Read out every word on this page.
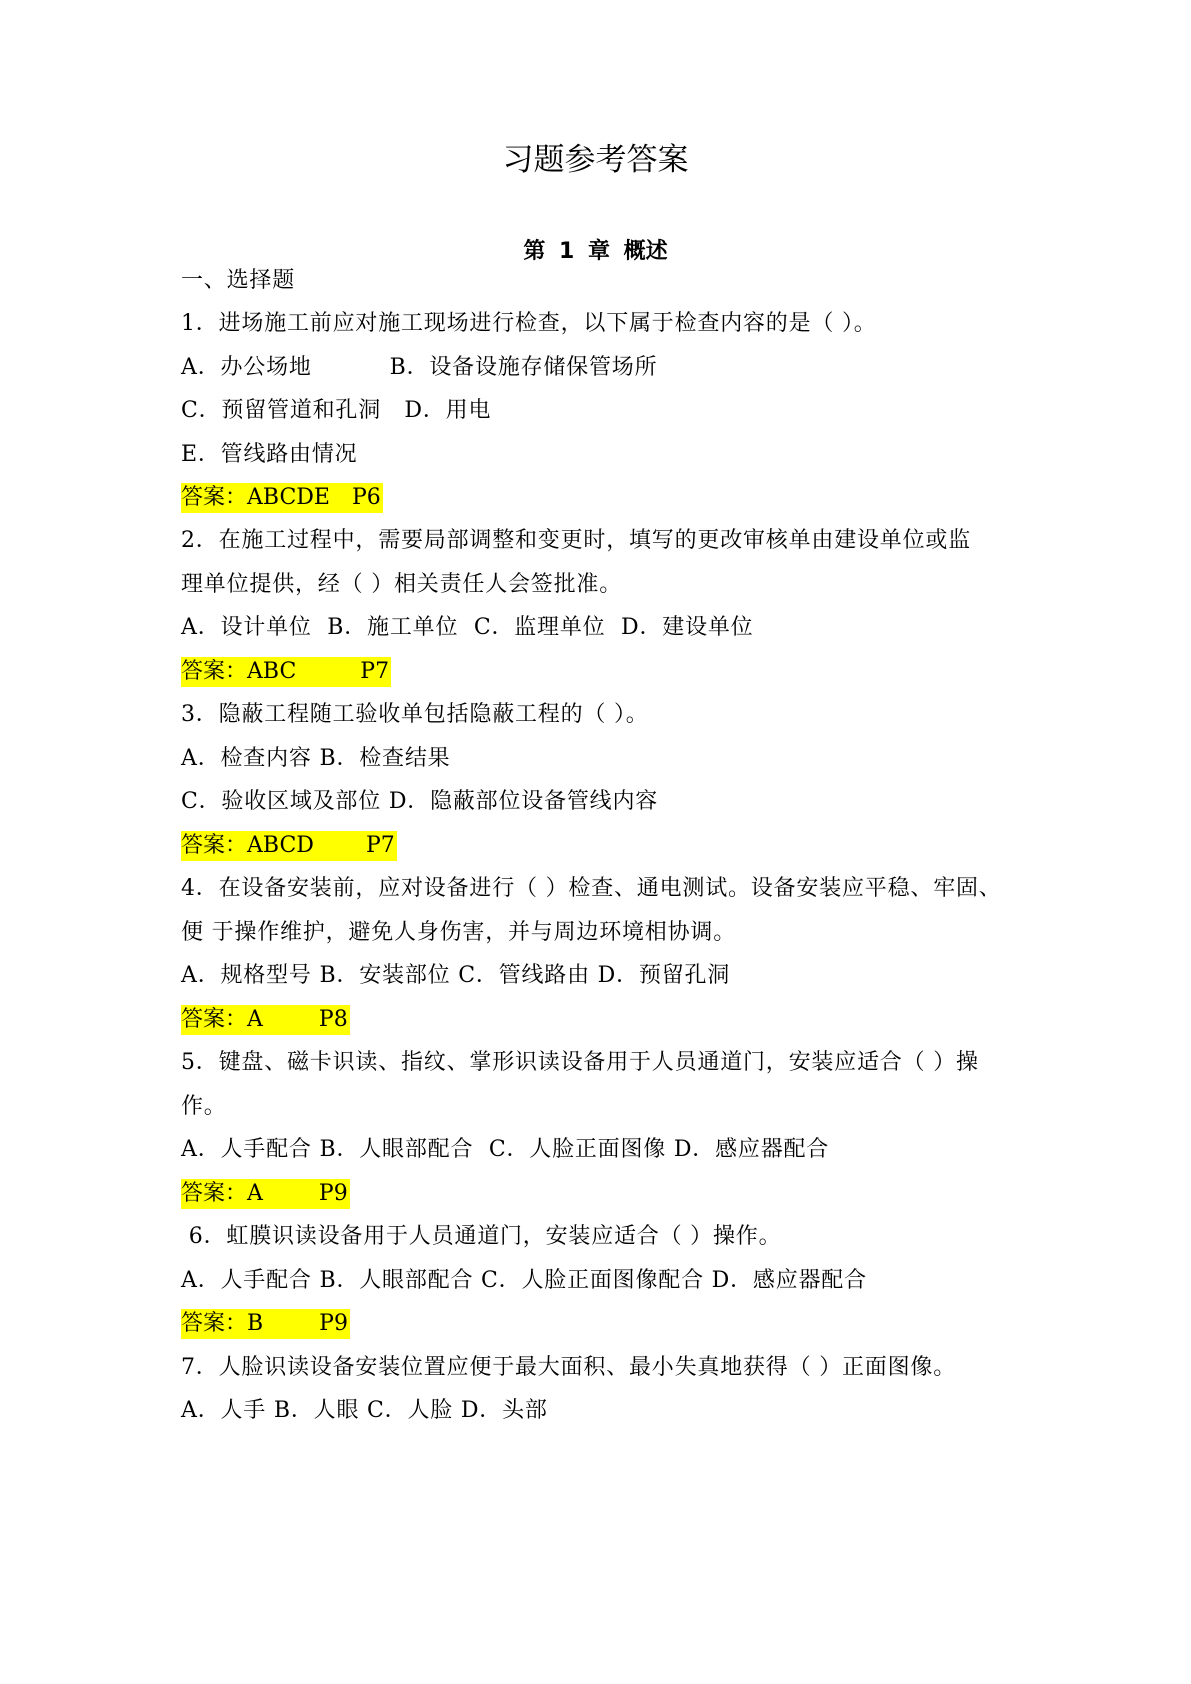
习题参考答案
第 1 章 概述
一、选择题
1．进场施工前应对施工现场进行检查，以下属于检查内容的是（ ）。
A．办公场地          B．设备设施存储保管场所
C．预留管道和孔洞   D．用电
E．管线路由情况
答案：ABCDE P6
2．在施工过程中，需要局部调整和变更时，填写的更改审核单由建设单位或监
理单位提供，经（ ）相关责任人会签批准。
A．设计单位  B．施工单位  C．监理单位  D．建设单位
答案：ABC	P7
3．隐蔽工程随工验收单包括隐蔽工程的（ ）。
A．检查内容 B．检查结果
C．验收区域及部位 D．隐蔽部位设备管线内容
答案：ABCD P7
4．在设备安装前，应对设备进行（ ）检查、通电测试。设备安装应平稳、牢固、
便 于操作维护，避免人身伤害，并与周边环境相协调。
A．规格型号 B．安装部位 C．管线路由 D．预留孔洞
答案：A	P8
5．键盘、磁卡识读、指纹、掌形识读设备用于人员通道门，安装应适合（ ）操
作。
A．人手配合 B．人眼部配合  C．人脸正面图像 D．感应器配合
答案：A	P9
6．虹膜识读设备用于人员通道门，安装应适合（ ）操作。
A．人手配合 B．人眼部配合 C．人脸正面图像配合 D．感应器配合
答案：B	P9
7．人脸识读设备安装位置应便于最大面积、最小失真地获得（ ）正面图像。
A．人手 B．人眼 C．人脸 D．头部
